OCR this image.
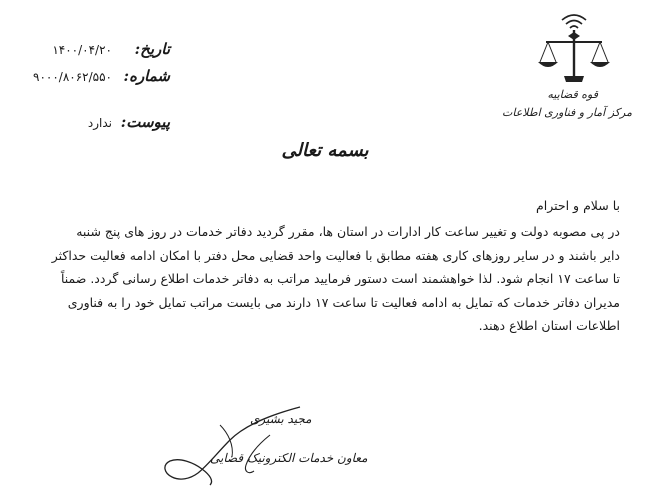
قوه قضاییه
مرکز آمار و فناوری اطلاعات
تاریخ:
۱۴۰۰/۰۴/۲۰
شماره:
۹۰۰۰/۸۰۶۲/۵۵۰
پیوست:
ندارد
بسمه تعالی
با سلام و احترام
در پی مصوبه دولت و تغییر ساعت کار ادارات در استان ها، مقرر گردید دفاتر خدمات در روز های پنج شنبه
دایر باشند و در سایر روزهای کاری هفته مطابق با فعالیت واحد قضایی محل دفتر با امکان ادامه فعالیت حداکثر
تا ساعت ۱۷ انجام شود. لذا خواهشمند است دستور فرمایید مراتب به دفاتر خدمات اطلاع رسانی گردد. ضمناً
مدیران دفاتر خدمات که تمایل به ادامه فعالیت تا ساعت ۱۷ دارند می بایست مراتب تمایل خود را به فناوری
اطلاعات استان اطلاع دهند.
مجید بشیری
معاون خدمات الکترونیک قضایی
